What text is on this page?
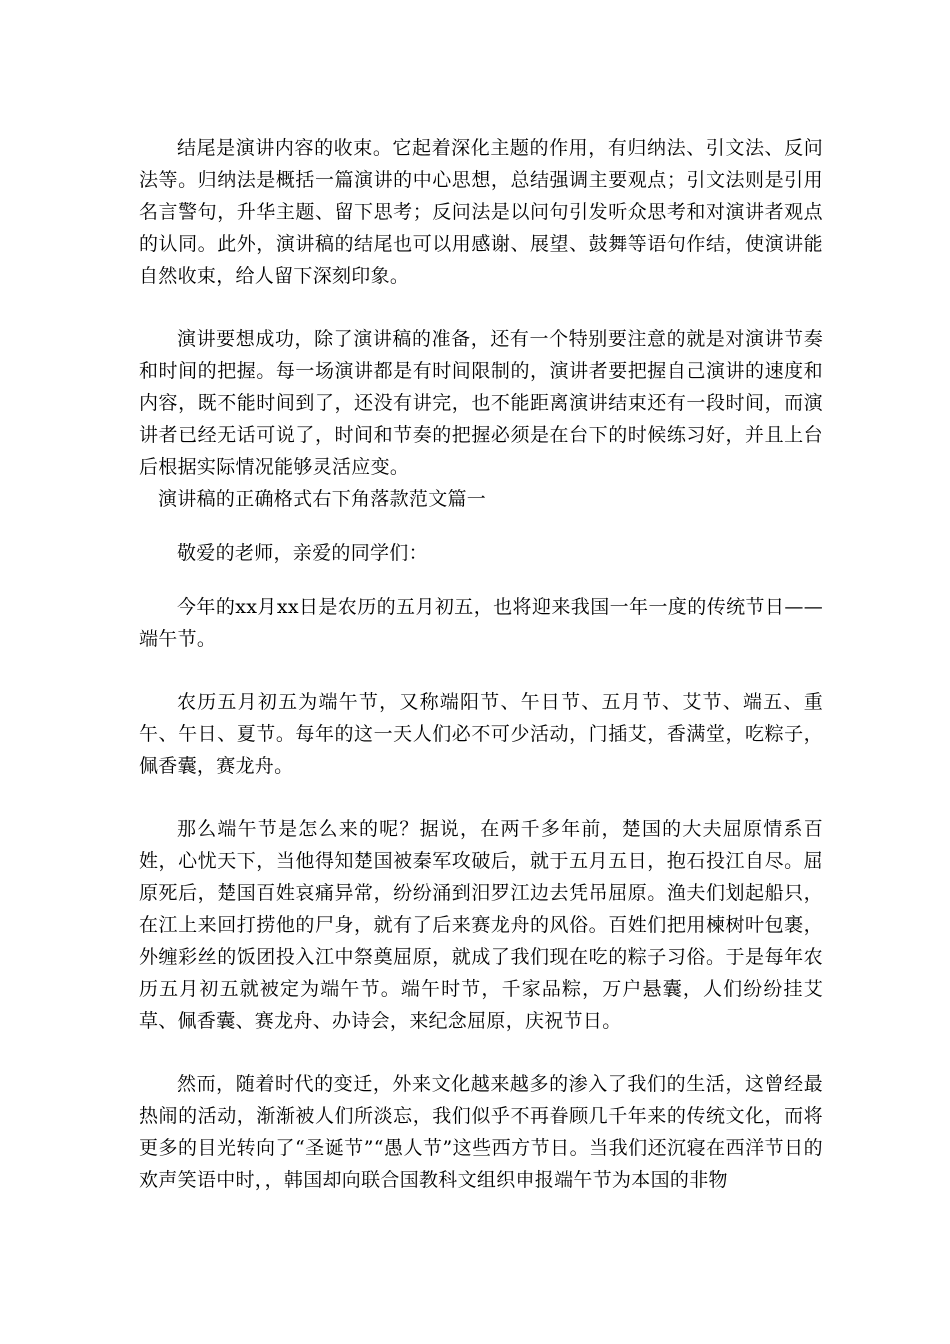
结尾是演讲内容的收束。它起着深化主题的作用，有归纳法、引文法、反问法等。归纳法是概括一篇演讲的中心思想，总结强调主要观点；引文法则是引用名言警句，升华主题、留下思考；反问法是以问句引发听众思考和对演讲者观点的认同。此外，演讲稿的结尾也可以用感谢、展望、鼓舞等语句作结，使演讲能自然收束，给人留下深刻印象。

演讲要想成功，除了演讲稿的准备，还有一个特别要注意的就是对演讲节奏和时间的把握。每一场演讲都是有时间限制的，演讲者要把握自己演讲的速度和内容，既不能时间到了，还没有讲完，也不能距离演讲结束还有一段时间，而演讲者已经无话可说了，时间和节奏的把握必须是在台下的时候练习好，并且上台后根据实际情况能够灵活应变。

演讲稿的正确格式右下角落款范文篇一

敬爱的老师，亲爱的同学们：

今年的xx月xx日是农历的五月初五，也将迎来我国一年一度的传统节日——端午节。

农历五月初五为端午节，又称端阳节、午日节、五月节、艾节、端五、重午、午日、夏节。每年的这一天人们必不可少活动，门插艾，香满堂，吃粽子，佩香囊，赛龙舟。

那么端午节是怎么来的呢？据说，在两千多年前，楚国的大夫屈原情系百姓，心忧天下，当他得知楚国被秦军攻破后，就于五月五日，抱石投江自尽。屈原死后，楚国百姓哀痛异常，纷纷涌到汨罗江边去凭吊屈原。渔夫们划起船只，在江上来回打捞他的尸身，就有了后来赛龙舟的风俗。百姓们把用楝树叶包裹，外缠彩丝的饭团投入江中祭奠屈原，就成了我们现在吃的粽子习俗。于是每年农历五月初五就被定为端午节。端午时节，千家品粽，万户悬囊，人们纷纷挂艾草、佩香囊、赛龙舟、办诗会，来纪念屈原，庆祝节日。

然而，随着时代的变迁，外来文化越来越多的渗入了我们的生活，这曾经最热闹的活动，渐渐被人们所淡忘，我们似乎不再眷顾几千年来的传统文化，而将更多的目光转向了“圣诞节”“愚人节”这些西方节日。当我们还沉寝在西洋节日的欢声笑语中时，，韩国却向联合国教科文组织申报端午节为本国的非物
